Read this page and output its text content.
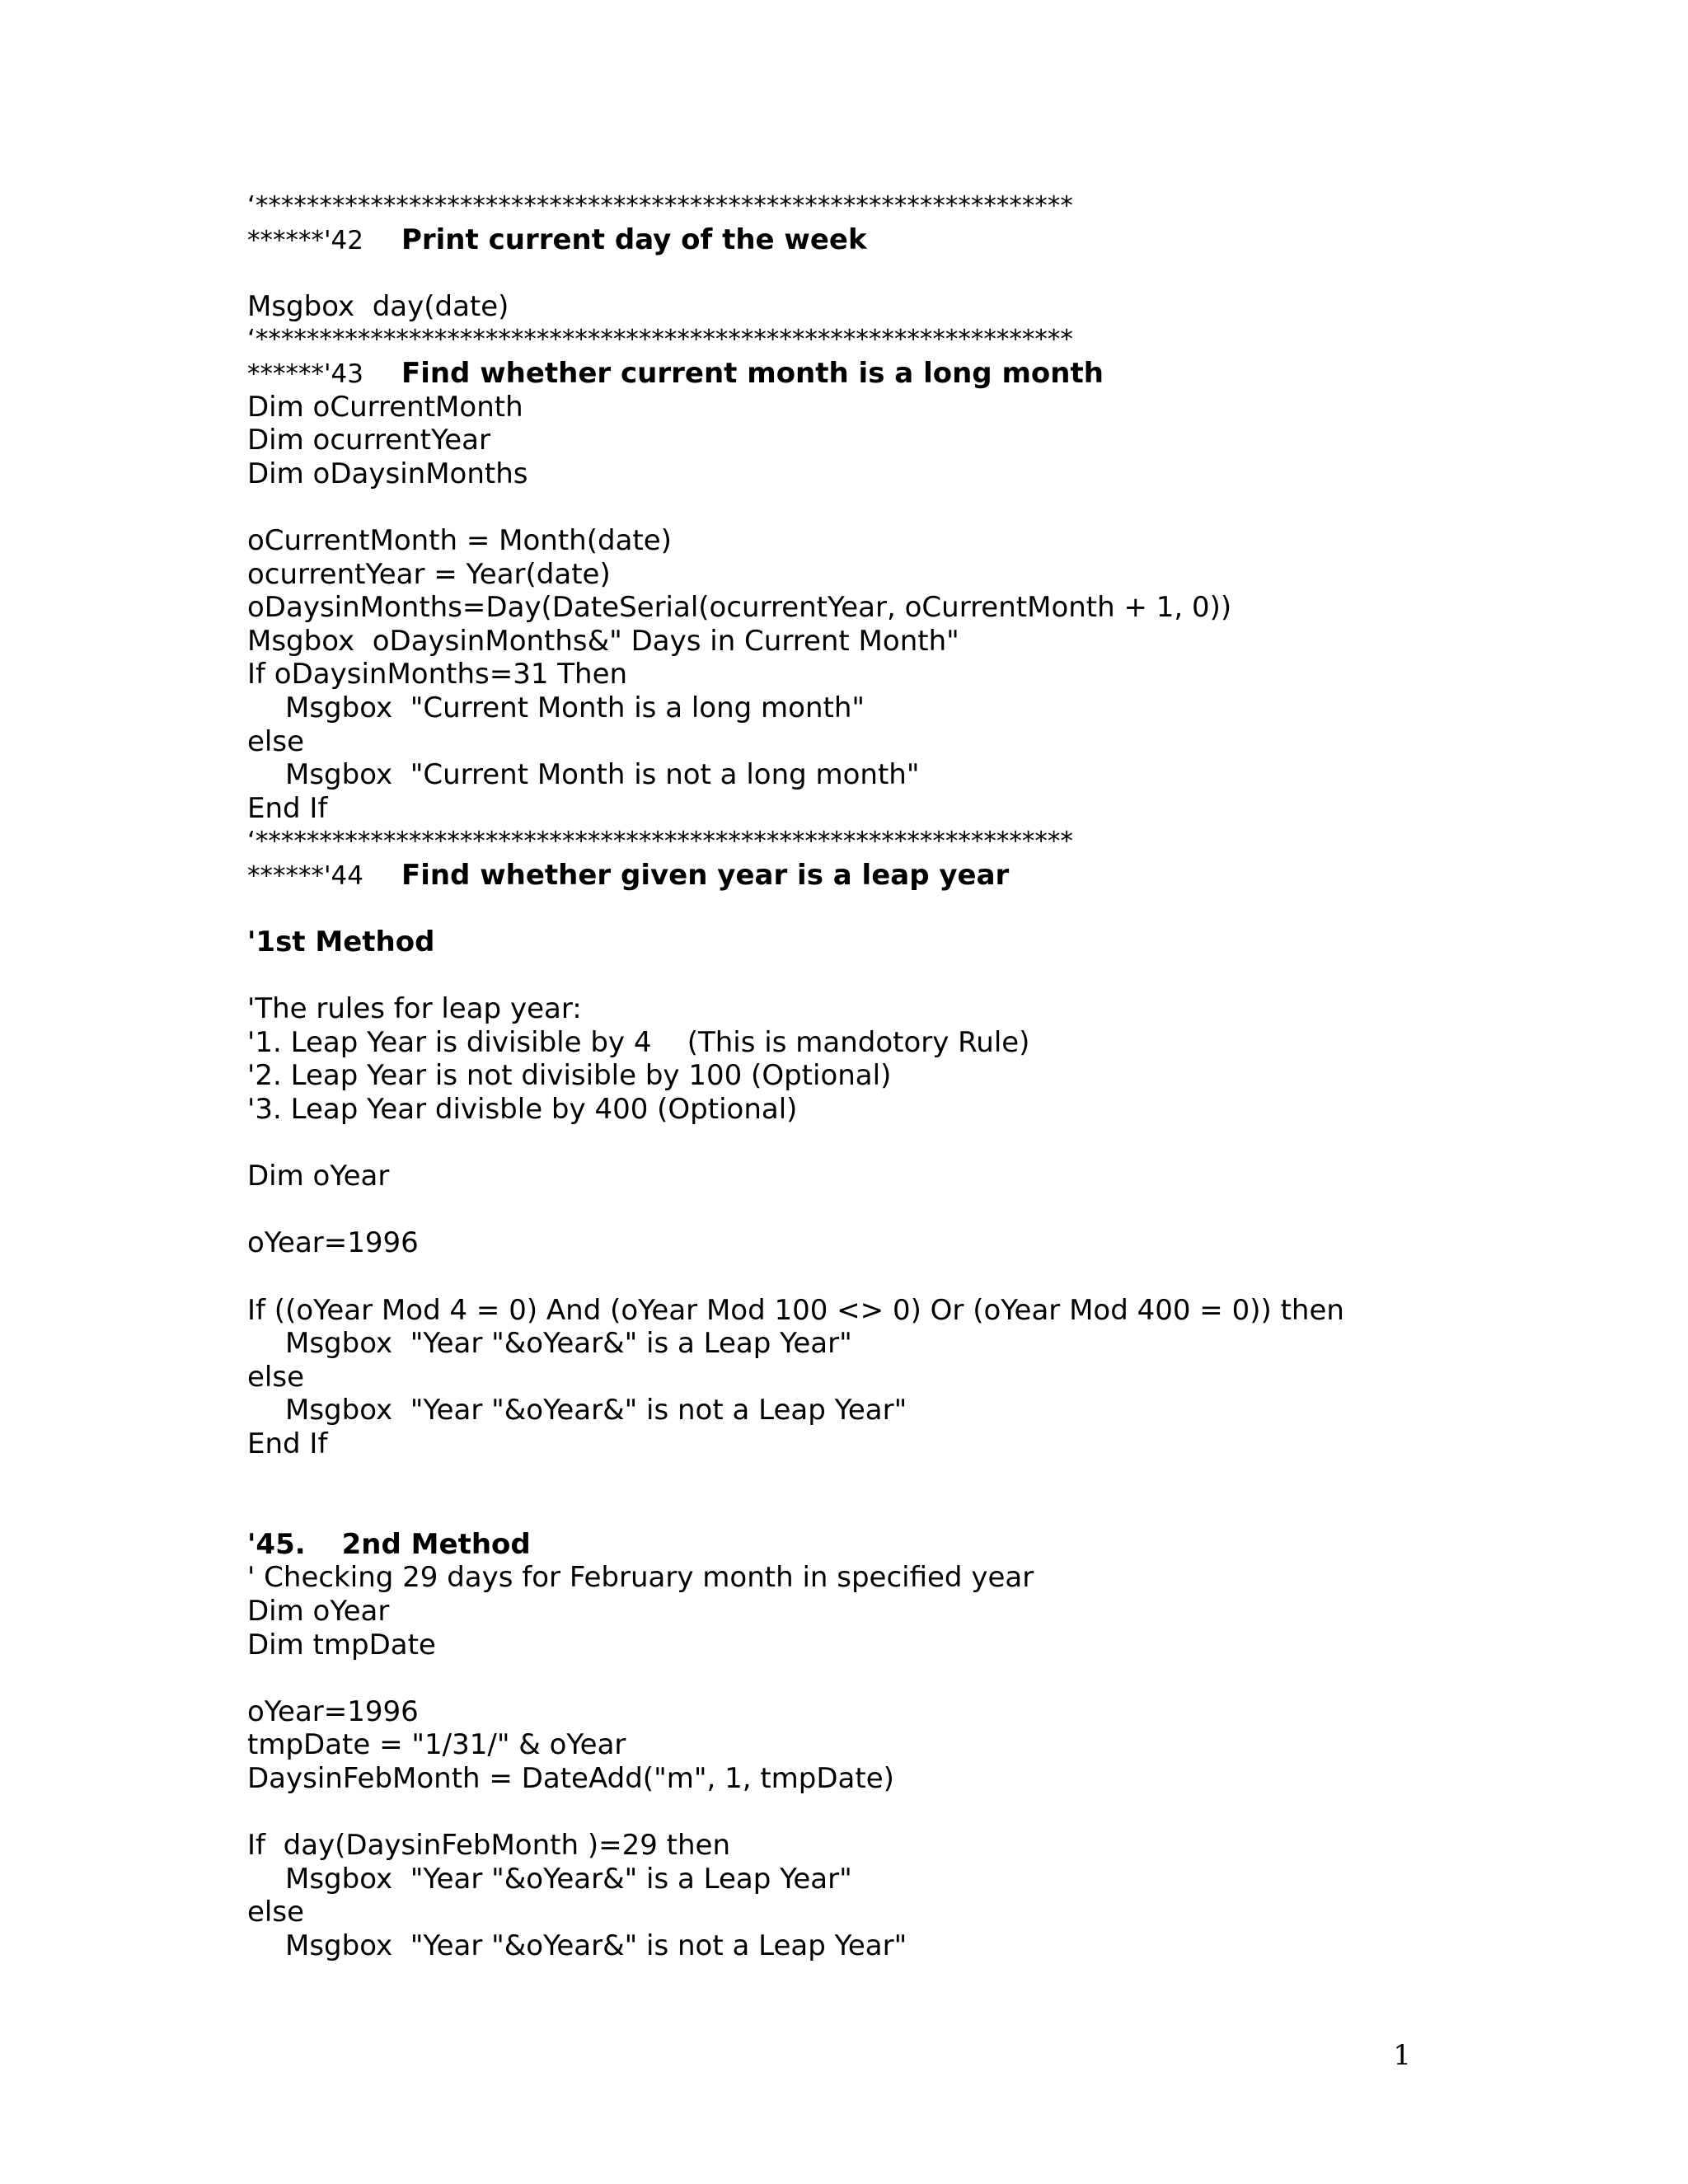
‘****************************************************************
******'42 Print current day of the week
Msgbox  day(date)
‘****************************************************************
******'43 Find whether current month is a long month
Dim oCurrentMonth
Dim ocurrentYear
Dim oDaysinMonths
oCurrentMonth = Month(date)
ocurrentYear = Year(date)
oDaysinMonths=Day(DateSerial(ocurrentYear, oCurrentMonth + 1, 0))
Msgbox  oDaysinMonths&" Days in Current Month"
If oDaysinMonths=31 Then
Msgbox  "Current Month is a long month"
else
Msgbox  "Current Month is not a long month"
End If
‘****************************************************************
******'44 Find whether given year is a leap year
'1st Method
'The rules for leap year:
'1. Leap Year is divisible by 4    (This is mandotory Rule)
'2. Leap Year is not divisible by 100 (Optional)
'3. Leap Year divisble by 400 (Optional)
Dim oYear
oYear=1996
If ((oYear Mod 4 = 0) And (oYear Mod 100 <> 0) Or (oYear Mod 400 = 0)) then
Msgbox  "Year "&oYear&" is a Leap Year"
else
Msgbox  "Year "&oYear&" is not a Leap Year"
End If
'45. 2nd Method
' Checking 29 days for February month in specified year
Dim oYear
Dim tmpDate
oYear=1996
tmpDate = "1/31/" & oYear
DaysinFebMonth = DateAdd("m", 1, tmpDate)
If  day(DaysinFebMonth )=29 then
Msgbox  "Year "&oYear&" is a Leap Year"
else
Msgbox  "Year "&oYear&" is not a Leap Year"
1
